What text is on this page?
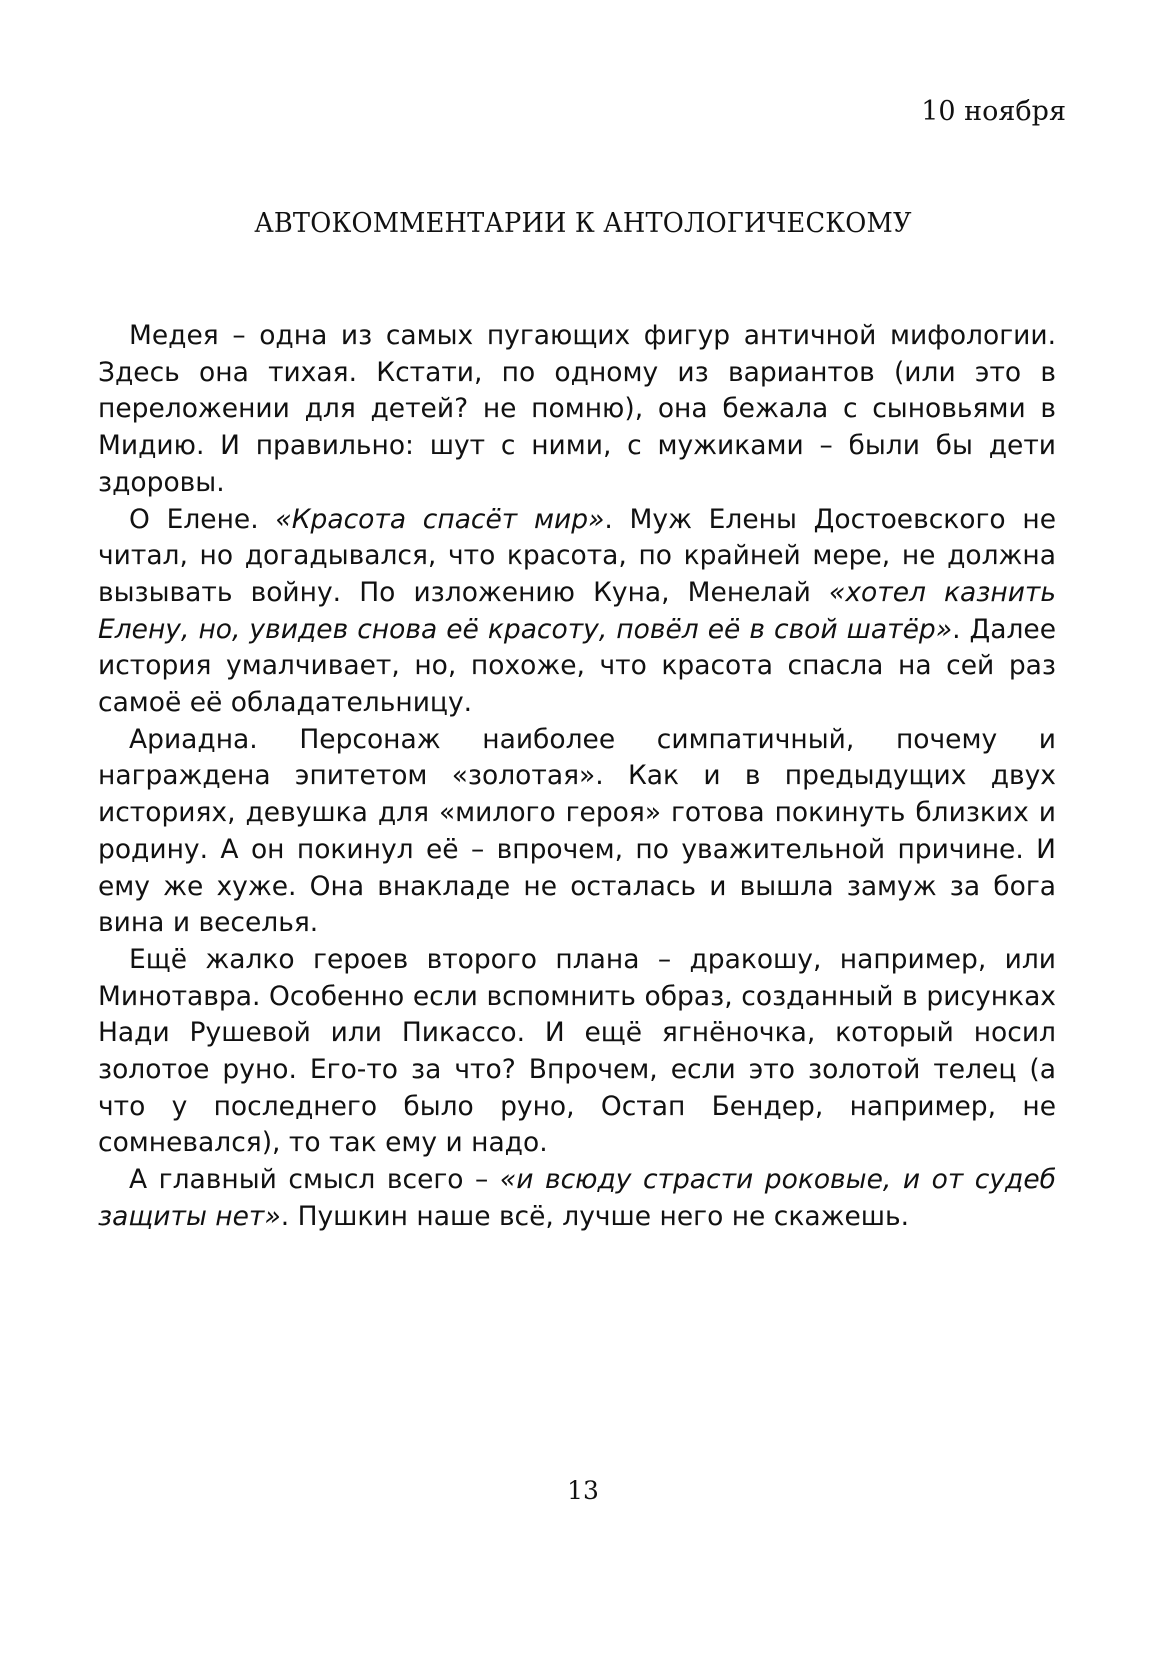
10 ноября
АВТОКОММЕНТАРИИ К АНТОЛОГИЧЕСКОМУ

Медея – одна из самых пугающих фигур античной мифологии. Здесь она тихая. Кстати, по одному из вариантов (или это в переложении для детей? не помню), она бежала с сыновьями в Мидию. И правильно: шут с ними, с мужиками – были бы дети здоровы.

О Елене. «Красота спасёт мир». Муж Елены Достоевского не читал, но догадывался, что красота, по крайней мере, не должна вызывать войну. По изложению Куна, Менелай «хотел казнить Елену, но, увидев снова её красоту, повёл её в свой шатёр». Далее история умалчивает, но, похоже, что красота спасла на сей раз самоё её обладательницу.

Ариадна. Персонаж наиболее симпатичный, почему и награждена эпитетом «золотая». Как и в предыдущих двух историях, девушка для «милого героя» готова покинуть близких и родину. А он покинул её – впрочем, по уважительной причине. И ему же хуже. Она внакладе не осталась и вышла замуж за бога вина и веселья.

Ещё жалко героев второго плана – дракошу, например, или Минотавра. Особенно если вспомнить образ, созданный в рисунках Нади Рушевой или Пикассо. И ещё ягнёночка, который носил золотое руно. Его-то за что? Впрочем, если это золотой телец (а что у последнего было руно, Остап Бендер, например, не сомневался), то так ему и надо.

А главный смысл всего – «и всюду страсти роковые, и от судеб защиты нет». Пушкин наше всё, лучше него не скажешь.

13
